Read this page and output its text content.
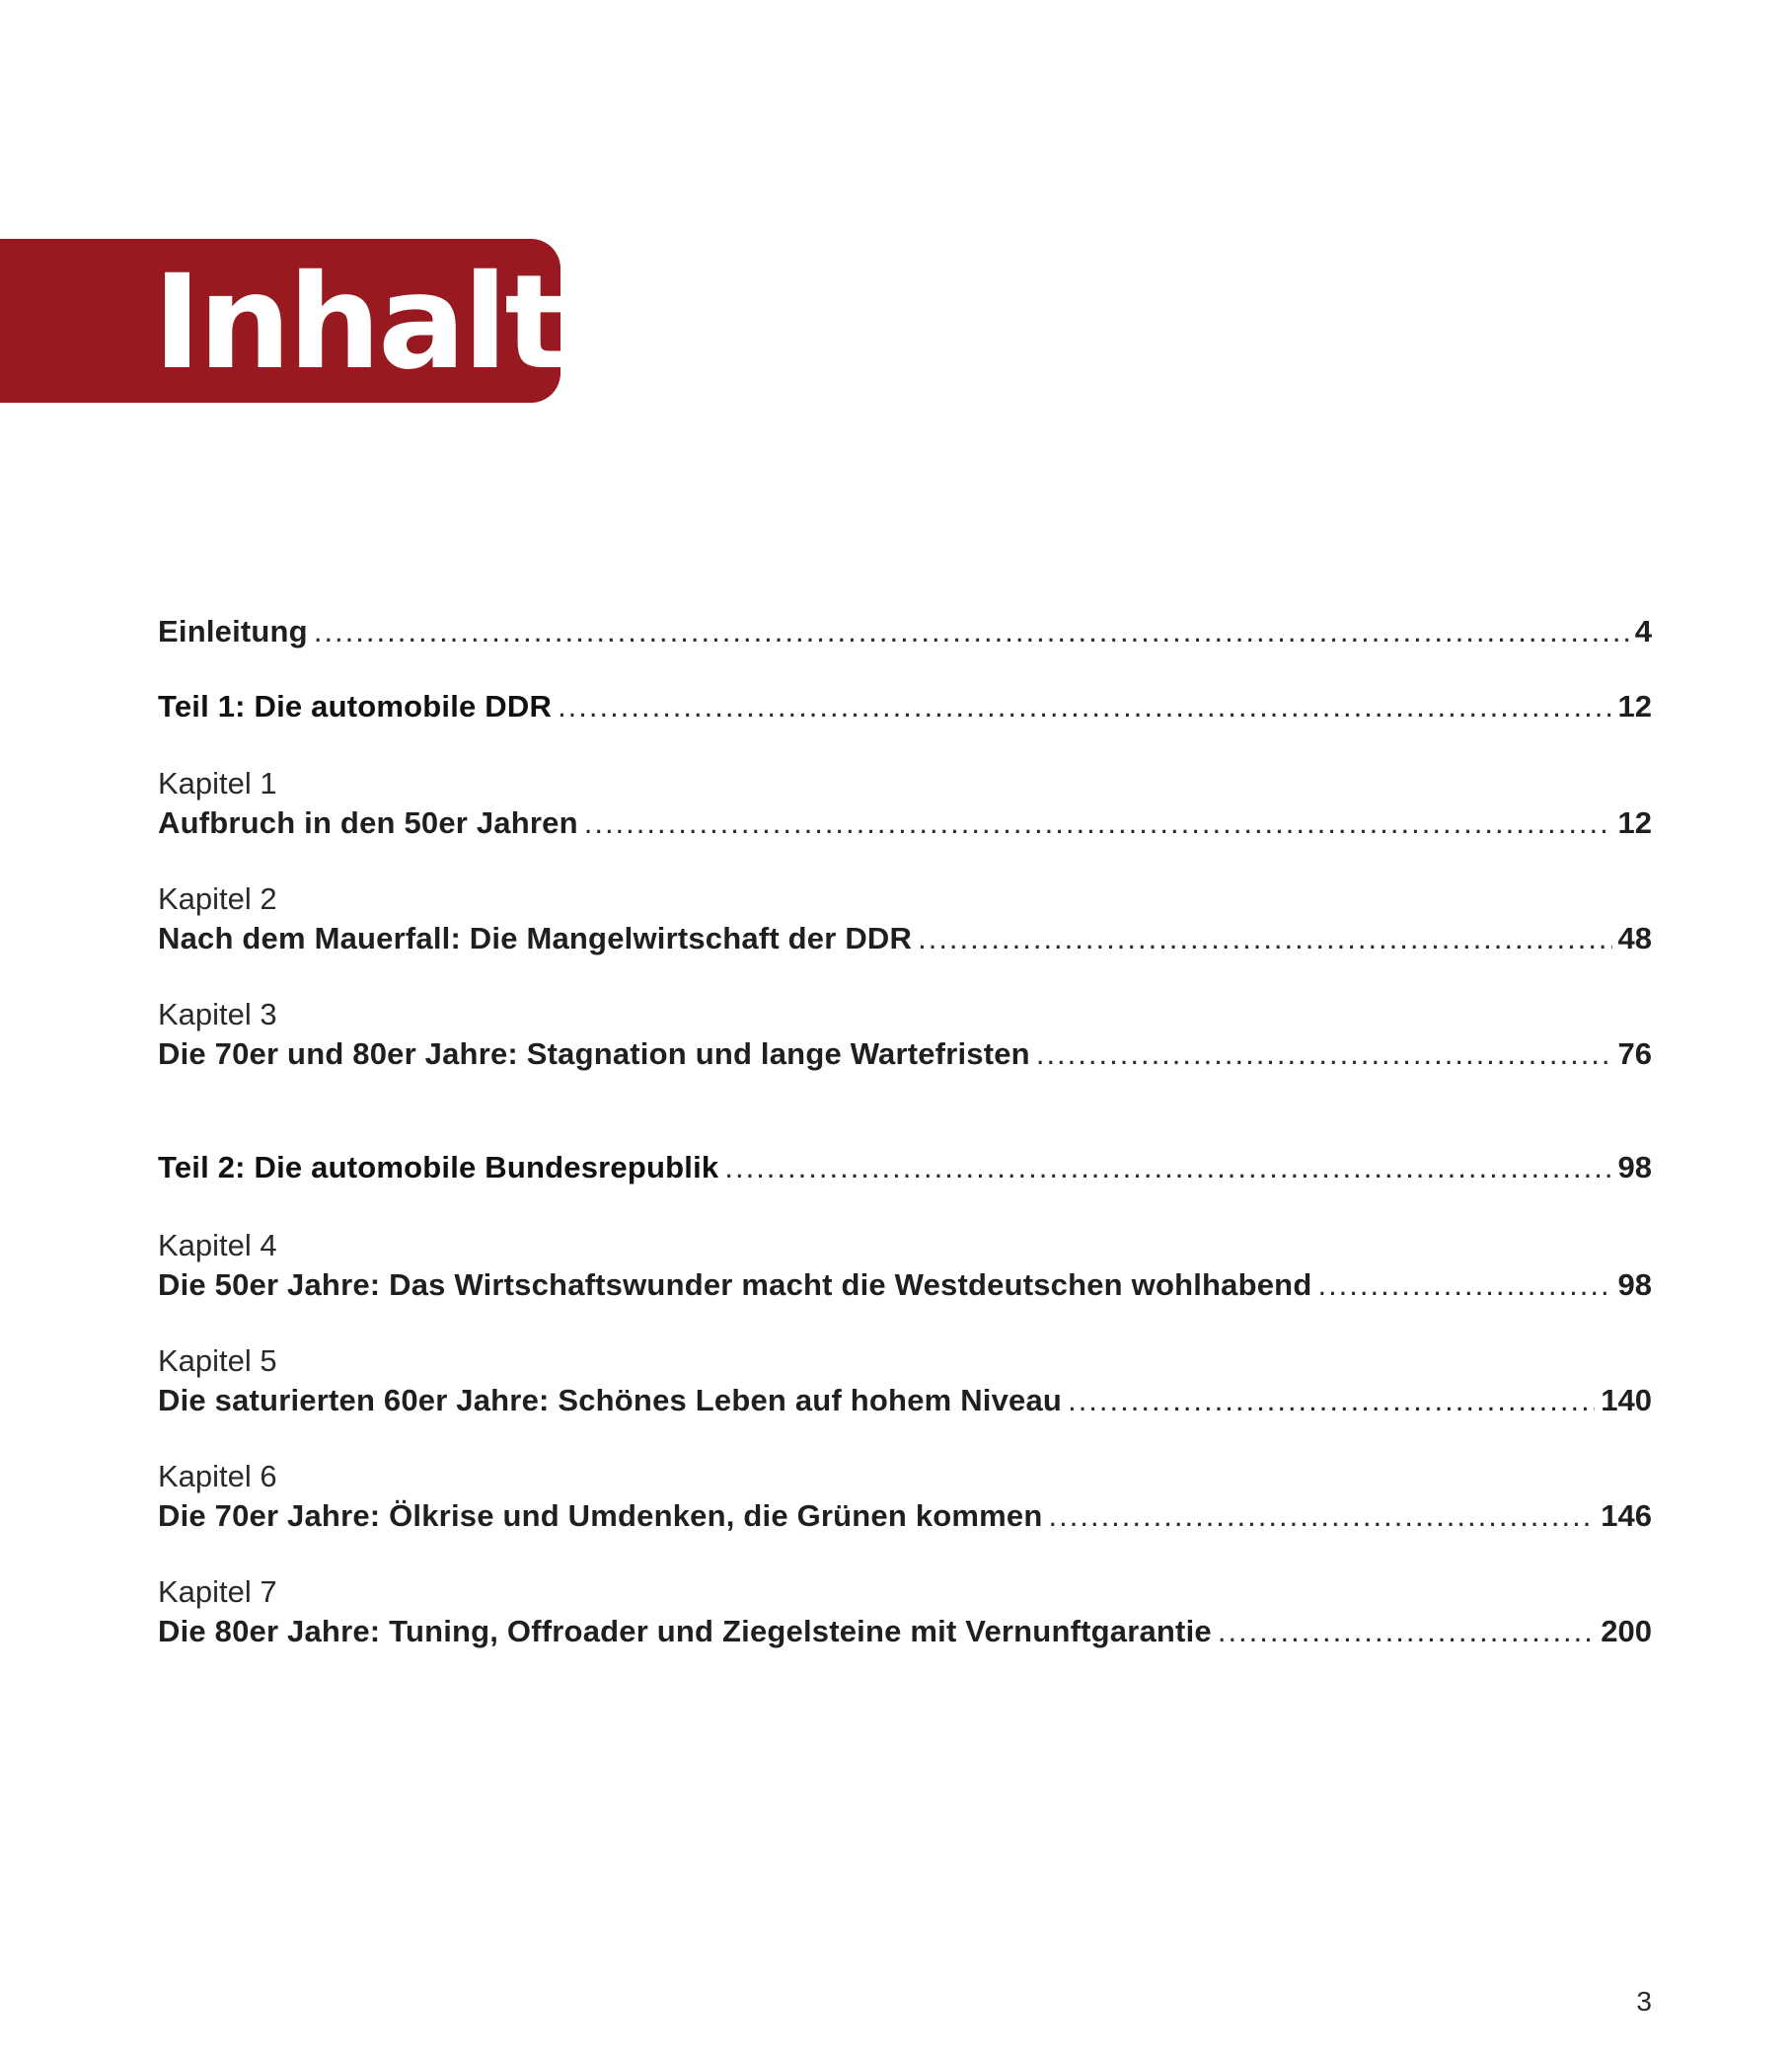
Inhalt
Einleitung .....	4
Teil 1: Die automobile DDR .....	12
Kapitel 1
Aufbruch in den 50er Jahren .....	12
Kapitel 2
Nach dem Mauerfall: Die Mangelwirtschaft der DDR .....	48
Kapitel 3
Die 70er und 80er Jahre: Stagnation und lange Wartefristen .....	76
Teil 2: Die automobile Bundesrepublik .....	98
Kapitel 4
Die 50er Jahre: Das Wirtschaftswunder macht die Westdeutschen wohlhabend .....	98
Kapitel 5
Die saturierten 60er Jahre: Schönes Leben auf hohem Niveau .....	140
Kapitel 6
Die 70er Jahre: Ölkrise und Umdenken, die Grünen kommen .....	146
Kapitel 7
Die 80er Jahre: Tuning, Offroader und Ziegelsteine mit Vernunftgarantie .....	200
3
